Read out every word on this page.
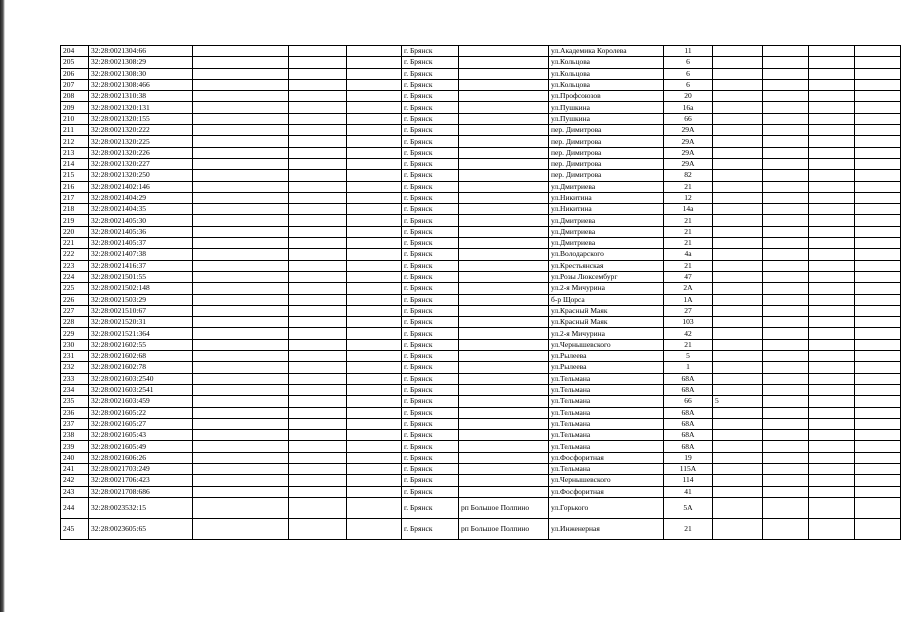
204	32:28:0021304:66				г. Брянск		ул.Академика Королева	11				
205	32:28:0021308:29				г. Брянск		ул.Кольцова	6				
206	32:28:0021308:30				г. Брянск		ул.Кольцова	6				
207	32:28:0021308:466				г. Брянск		ул.Кольцова	6				
208	32:28:0021310:38				г. Брянск		ул.Профсоюзов	20				
209	32:28:0021320:131				г. Брянск		ул.Пушкина	16а				
210	32:28:0021320:155				г. Брянск		ул.Пушкина	66				
211	32:28:0021320:222				г. Брянск		пер. Димитрова	29А				
212	32:28:0021320:225				г. Брянск		пер. Димитрова	29А				
213	32:28:0021320:226				г. Брянск		пер. Димитрова	29А				
214	32:28:0021320:227				г. Брянск		пер. Димитрова	29А				
215	32:28:0021320:250				г. Брянск		пер. Димитрова	82				
216	32:28:0021402:146				г. Брянск		ул.Дмитриева	21				
217	32:28:0021404:29				г. Брянск		ул.Никитина	12				
218	32:28:0021404:35				г. Брянск		ул.Никитина	14а				
219	32:28:0021405:30				г. Брянск		ул.Дмитриева	21				
220	32:28:0021405:36				г. Брянск		ул.Дмитриева	21				
221	32:28:0021405:37				г. Брянск		ул.Дмитриева	21				
222	32:28:0021407:38				г. Брянск		ул.Володарского	4а				
223	32:28:0021416:37				г. Брянск		ул.Крестьянская	21				
224	32:28:0021501:55				г. Брянск		ул.Розы Люксембург	47				
225	32:28:0021502:148				г. Брянск		ул.2-я Мичурина	2А				
226	32:28:0021503:29				г. Брянск		б-р Щорса	1А				
227	32:28:0021510:67				г. Брянск		ул.Красный Маяк	27				
228	32:28:0021520:31				г. Брянск		ул.Красный Маяк	103				
229	32:28:0021521:364				г. Брянск		ул.2-я Мичурина	42				
230	32:28:0021602:55				г. Брянск		ул.Чернышевского	21				
231	32:28:0021602:68				г. Брянск		ул.Рылеева	5				
232	32:28:0021602:78				г. Брянск		ул.Рылеева	1				
233	32:28:0021603:2540				г. Брянск		ул.Тельмана	68А				
234	32:28:0021603:2541				г. Брянск		ул.Тельмана	68А				
235	32:28:0021603:459				г. Брянск		ул.Тельмана	66	5			
236	32:28:0021605:22				г. Брянск		ул.Тельмана	68А				
237	32:28:0021605:27				г. Брянск		ул.Тельмана	68А				
238	32:28:0021605:43				г. Брянск		ул.Тельмана	68А				
239	32:28:0021605:49				г. Брянск		ул.Тельмана	68А				
240	32:28:0021606:26				г. Брянск		ул.Фосфоритная	19				
241	32:28:0021703:249				г. Брянск		ул.Тельмана	115А				
242	32:28:0021706:423				г. Брянск		ул.Чернышевского	114				
243	32:28:0021708:686				г. Брянск		ул.Фосфоритная	41				
244	32:28:0023532:15				г. Брянск	рп Большое Полпино	ул.Горького	5А				
245	32:28:0023605:65				г. Брянск	рп Большое Полпино	ул.Инженерная	21				
